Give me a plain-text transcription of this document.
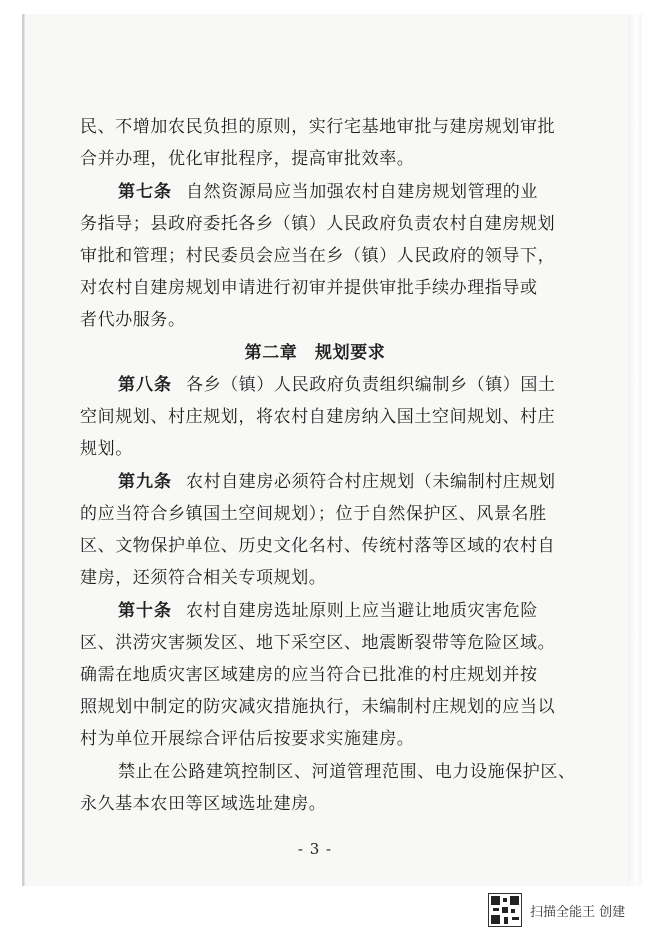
民、不增加农民负担的原则，实行宅基地审批与建房规划审批
合并办理，优化审批程序，提高审批效率。
第七条 自然资源局应当加强农村自建房规划管理的业
务指导；县政府委托各乡（镇）人民政府负责农村自建房规划
审批和管理；村民委员会应当在乡（镇）人民政府的领导下，
对农村自建房规划申请进行初审并提供审批手续办理指导或
者代办服务。
第二章　规划要求
第八条 各乡（镇）人民政府负责组织编制乡（镇）国土
空间规划、村庄规划，将农村自建房纳入国土空间规划、村庄
规划。
第九条 农村自建房必须符合村庄规划（未编制村庄规划
的应当符合乡镇国土空间规划）；位于自然保护区、风景名胜
区、文物保护单位、历史文化名村、传统村落等区域的农村自
建房，还须符合相关专项规划。
第十条 农村自建房选址原则上应当避让地质灾害危险
区、洪涝灾害频发区、地下采空区、地震断裂带等危险区域。
确需在地质灾害区域建房的应当符合已批准的村庄规划并按
照规划中制定的防灾减灾措施执行，未编制村庄规划的应当以
村为单位开展综合评估后按要求实施建房。
禁止在公路建筑控制区、河道管理范围、电力设施保护区、
永久基本农田等区域选址建房。
- 3 -
扫描全能王 创建
